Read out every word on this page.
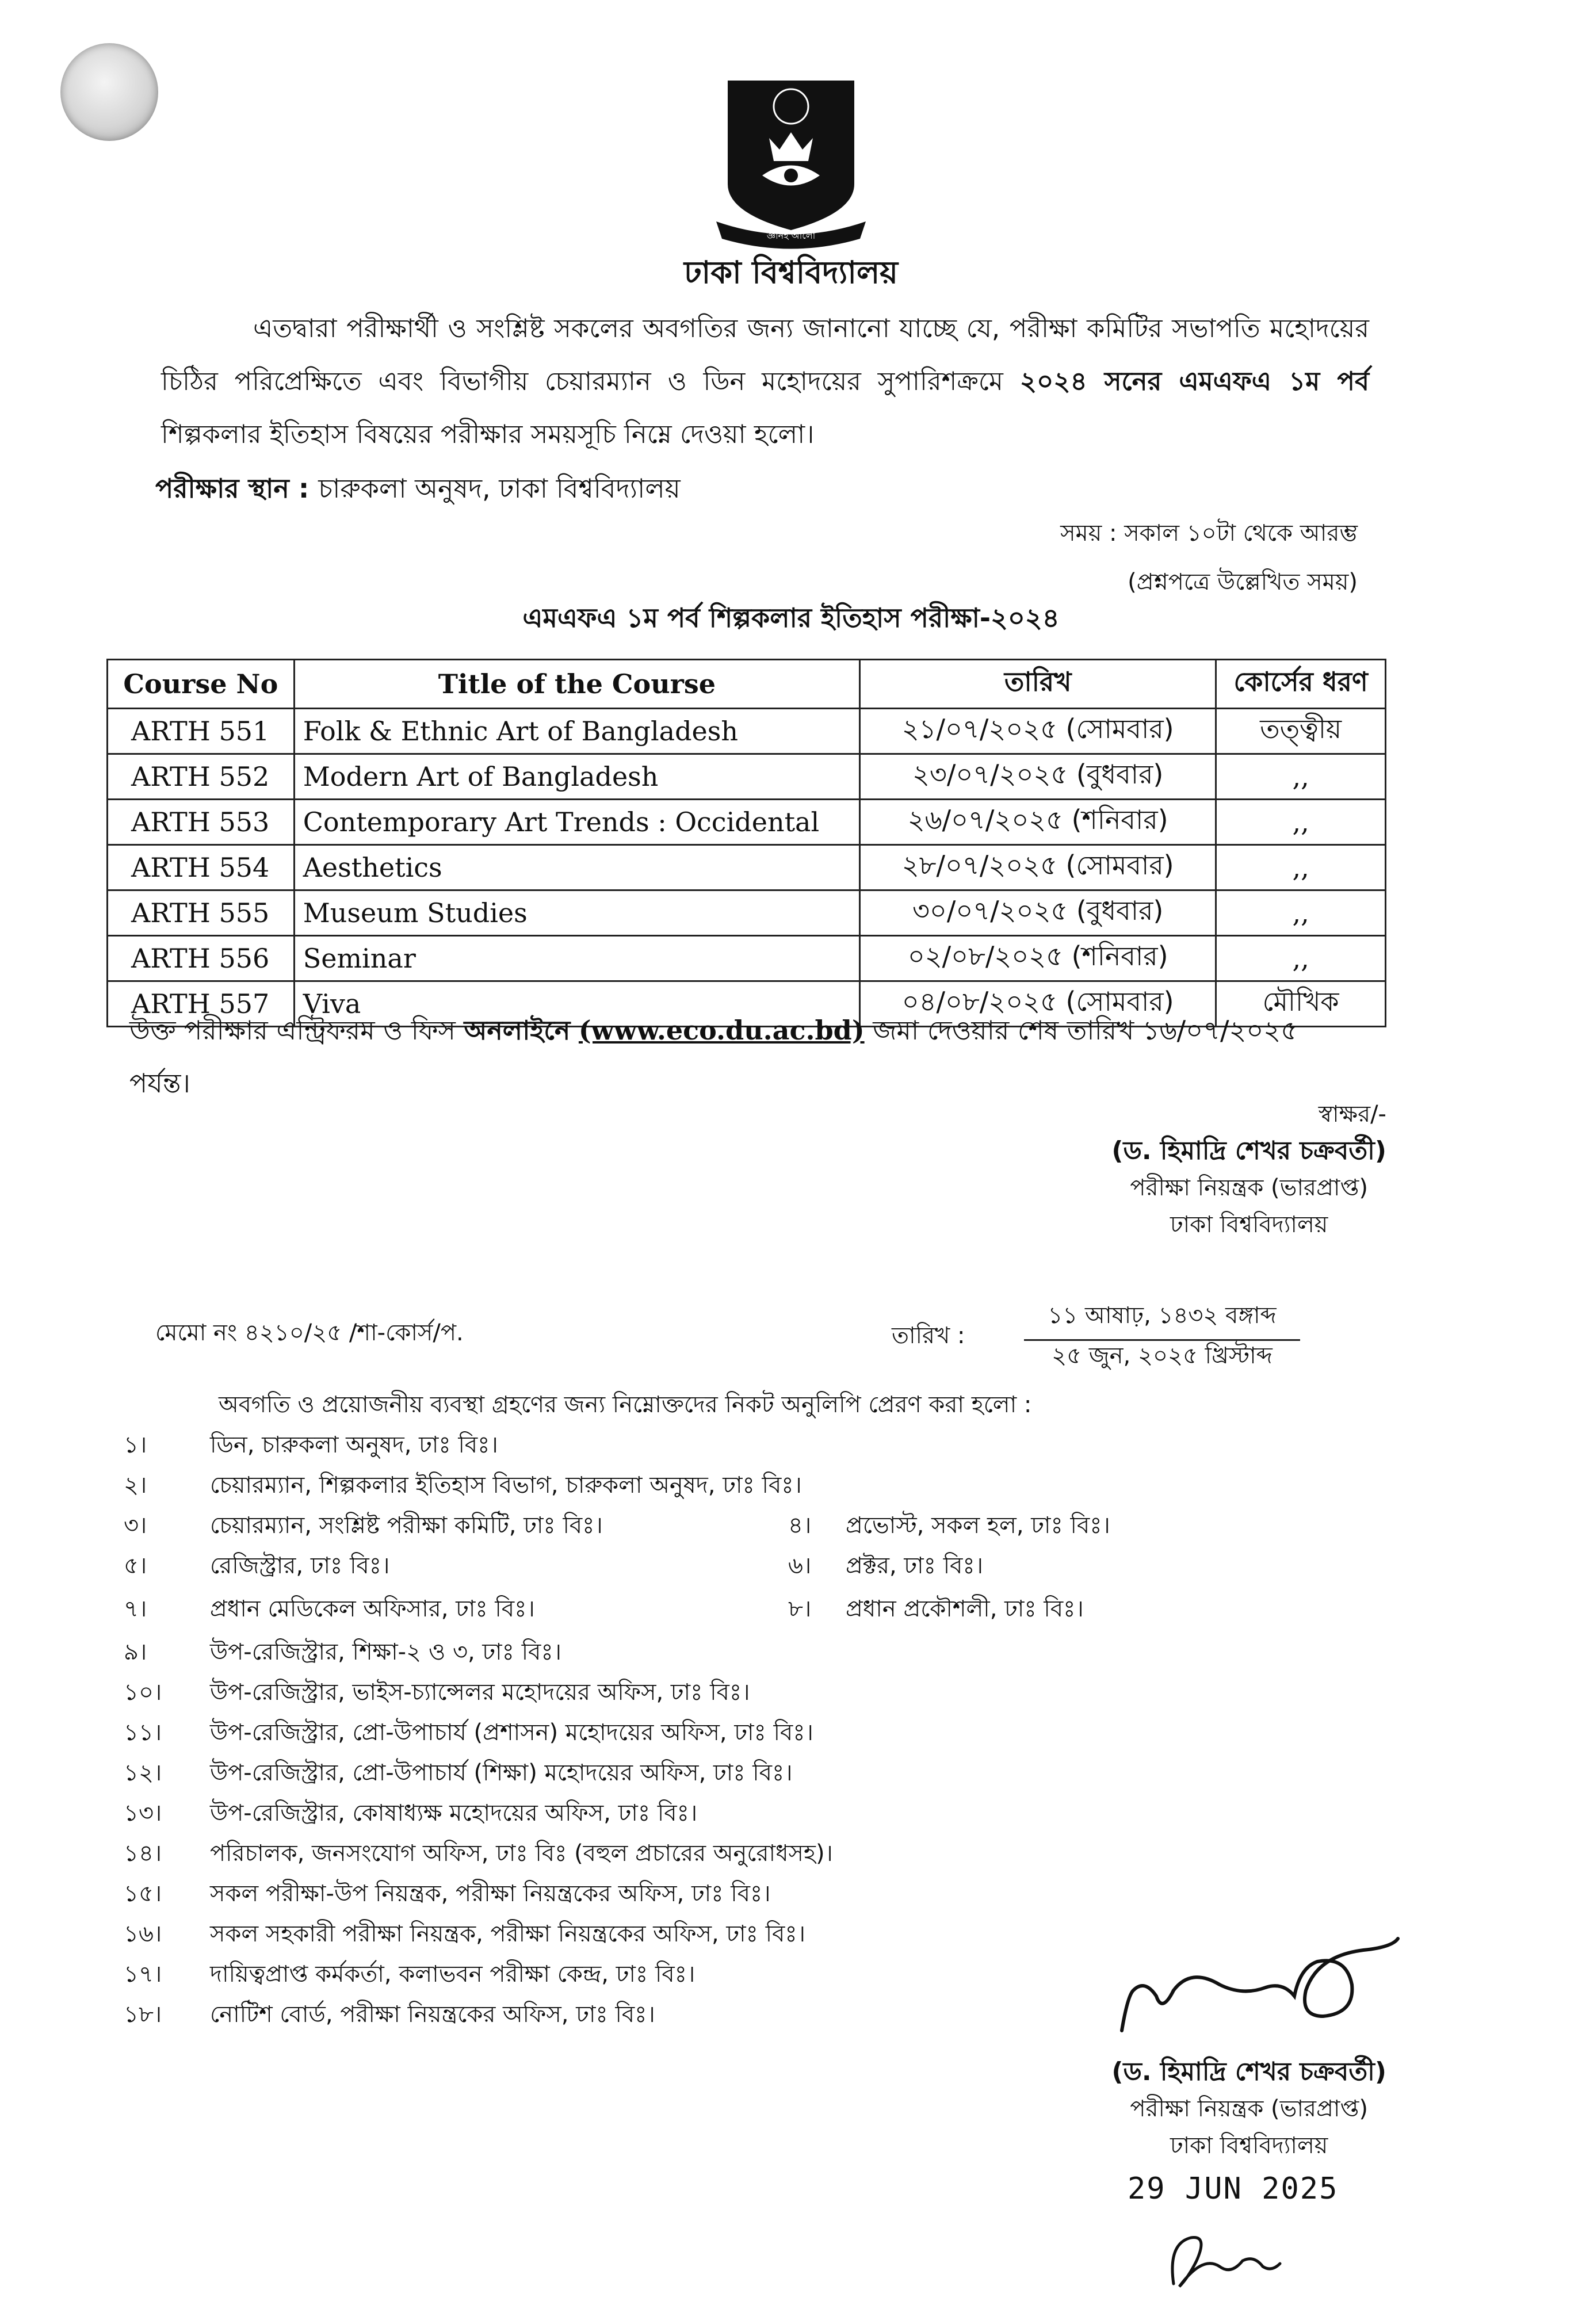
জ্ঞানই আলো
ঢাকা বিশ্ববিদ্যালয়
এতদ্বারা পরীক্ষার্থী ও সংশ্লিষ্ট সকলের অবগতির জন্য জানানো যাচ্ছে যে, পরীক্ষা কমিটির সভাপতি মহোদয়ের চিঠির পরিপ্রেক্ষিতে এবং বিভাগীয় চেয়ারম্যান ও ডিন মহোদয়ের সুপারিশক্রমে ২০২৪ সনের এমএফএ ১ম পর্ব শিল্পকলার ইতিহাস বিষয়ের পরীক্ষার সময়সূচি নিম্নে দেওয়া হলো।
পরীক্ষার স্থান : চারুকলা অনুষদ, ঢাকা বিশ্ববিদ্যালয়
সময় : সকাল ১০টা থেকে আরম্ভ
(প্রশ্নপত্রে উল্লেখিত সময়)
এমএফএ ১ম পর্ব শিল্পকলার ইতিহাস পরীক্ষা-২০২৪
Course No	Title of the Course	তারিখ	কোর্সের ধরণ
ARTH 551	Folk & Ethnic Art of Bangladesh	২১/০৭/২০২৫ (সোমবার)	তত্ত্বীয়
ARTH 552	Modern Art of Bangladesh	২৩/০৭/২০২৫ (বুধবার)	,,
ARTH 553	Contemporary Art Trends : Occidental	২৬/০৭/২০২৫ (শনিবার)	,,
ARTH 554	Aesthetics	২৮/০৭/২০২৫ (সোমবার)	,,
ARTH 555	Museum Studies	৩০/০৭/২০২৫ (বুধবার)	,,
ARTH 556	Seminar	০২/০৮/২০২৫ (শনিবার)	,,
ARTH 557	Viva	০৪/০৮/২০২৫ (সোমবার)	মৌখিক
উক্ত পরীক্ষার এন্ট্রিফরম ও ফিস অনলাইনে (www.eco.du.ac.bd) জমা দেওয়ার শেষ তারিখ ১৬/০৭/২০২৫ পর্যন্ত।
স্বাক্ষর/-
(ড. হিমাদ্রি শেখর চক্রবর্তী)
পরীক্ষা নিয়ন্ত্রক (ভারপ্রাপ্ত)
ঢাকা বিশ্ববিদ্যালয়
মেমো নং ৪২১০/২৫ /শা-কোর্স/প.	তারিখ :
১১ আষাঢ়, ১৪৩২ বঙ্গাব্দ
২৫ জুন, ২০২৫ খ্রিস্টাব্দ
অবগতি ও প্রয়োজনীয় ব্যবস্থা গ্রহণের জন্য নিম্নোক্তদের নিকট অনুলিপি প্রেরণ করা হলো :
১।	ডিন, চারুকলা অনুষদ, ঢাঃ বিঃ।
২।	চেয়ারম্যান, শিল্পকলার ইতিহাস বিভাগ, চারুকলা অনুষদ, ঢাঃ বিঃ।
৩।	চেয়ারম্যান, সংশ্লিষ্ট পরীক্ষা কমিটি, ঢাঃ বিঃ।	৪। প্রভোস্ট, সকল হল, ঢাঃ বিঃ।
৫।	রেজিস্ট্রার, ঢাঃ বিঃ।	৬। প্রক্টর, ঢাঃ বিঃ।
৭।	প্রধান মেডিকেল অফিসার, ঢাঃ বিঃ।	৮। প্রধান প্রকৌশলী, ঢাঃ বিঃ।
৯।	উপ-রেজিস্ট্রার, শিক্ষা-২ ও ৩, ঢাঃ বিঃ।
১০। উপ-রেজিস্ট্রার, ভাইস-চ্যান্সেলর মহোদয়ের অফিস, ঢাঃ বিঃ।
১১। উপ-রেজিস্ট্রার, প্রো-উপাচার্য (প্রশাসন) মহোদয়ের অফিস, ঢাঃ বিঃ।
১২। উপ-রেজিস্ট্রার, প্রো-উপাচার্য (শিক্ষা) মহোদয়ের অফিস, ঢাঃ বিঃ।
১৩। উপ-রেজিস্ট্রার, কোষাধ্যক্ষ মহোদয়ের অফিস, ঢাঃ বিঃ।
১৪। পরিচালক, জনসংযোগ অফিস, ঢাঃ বিঃ (বহুল প্রচারের অনুরোধসহ)।
১৫। সকল পরীক্ষা-উপ নিয়ন্ত্রক, পরীক্ষা নিয়ন্ত্রকের অফিস, ঢাঃ বিঃ।
১৬। সকল সহকারী পরীক্ষা নিয়ন্ত্রক, পরীক্ষা নিয়ন্ত্রকের অফিস, ঢাঃ বিঃ।
১৭। দায়িত্বপ্রাপ্ত কর্মকর্তা, কলাভবন পরীক্ষা কেন্দ্র, ঢাঃ বিঃ।
১৮। নোটিশ বোর্ড, পরীক্ষা নিয়ন্ত্রকের অফিস, ঢাঃ বিঃ।
(ড. হিমাদ্রি শেখর চক্রবর্তী)
পরীক্ষা নিয়ন্ত্রক (ভারপ্রাপ্ত)
ঢাকা বিশ্ববিদ্যালয়
29 JUN 2025
